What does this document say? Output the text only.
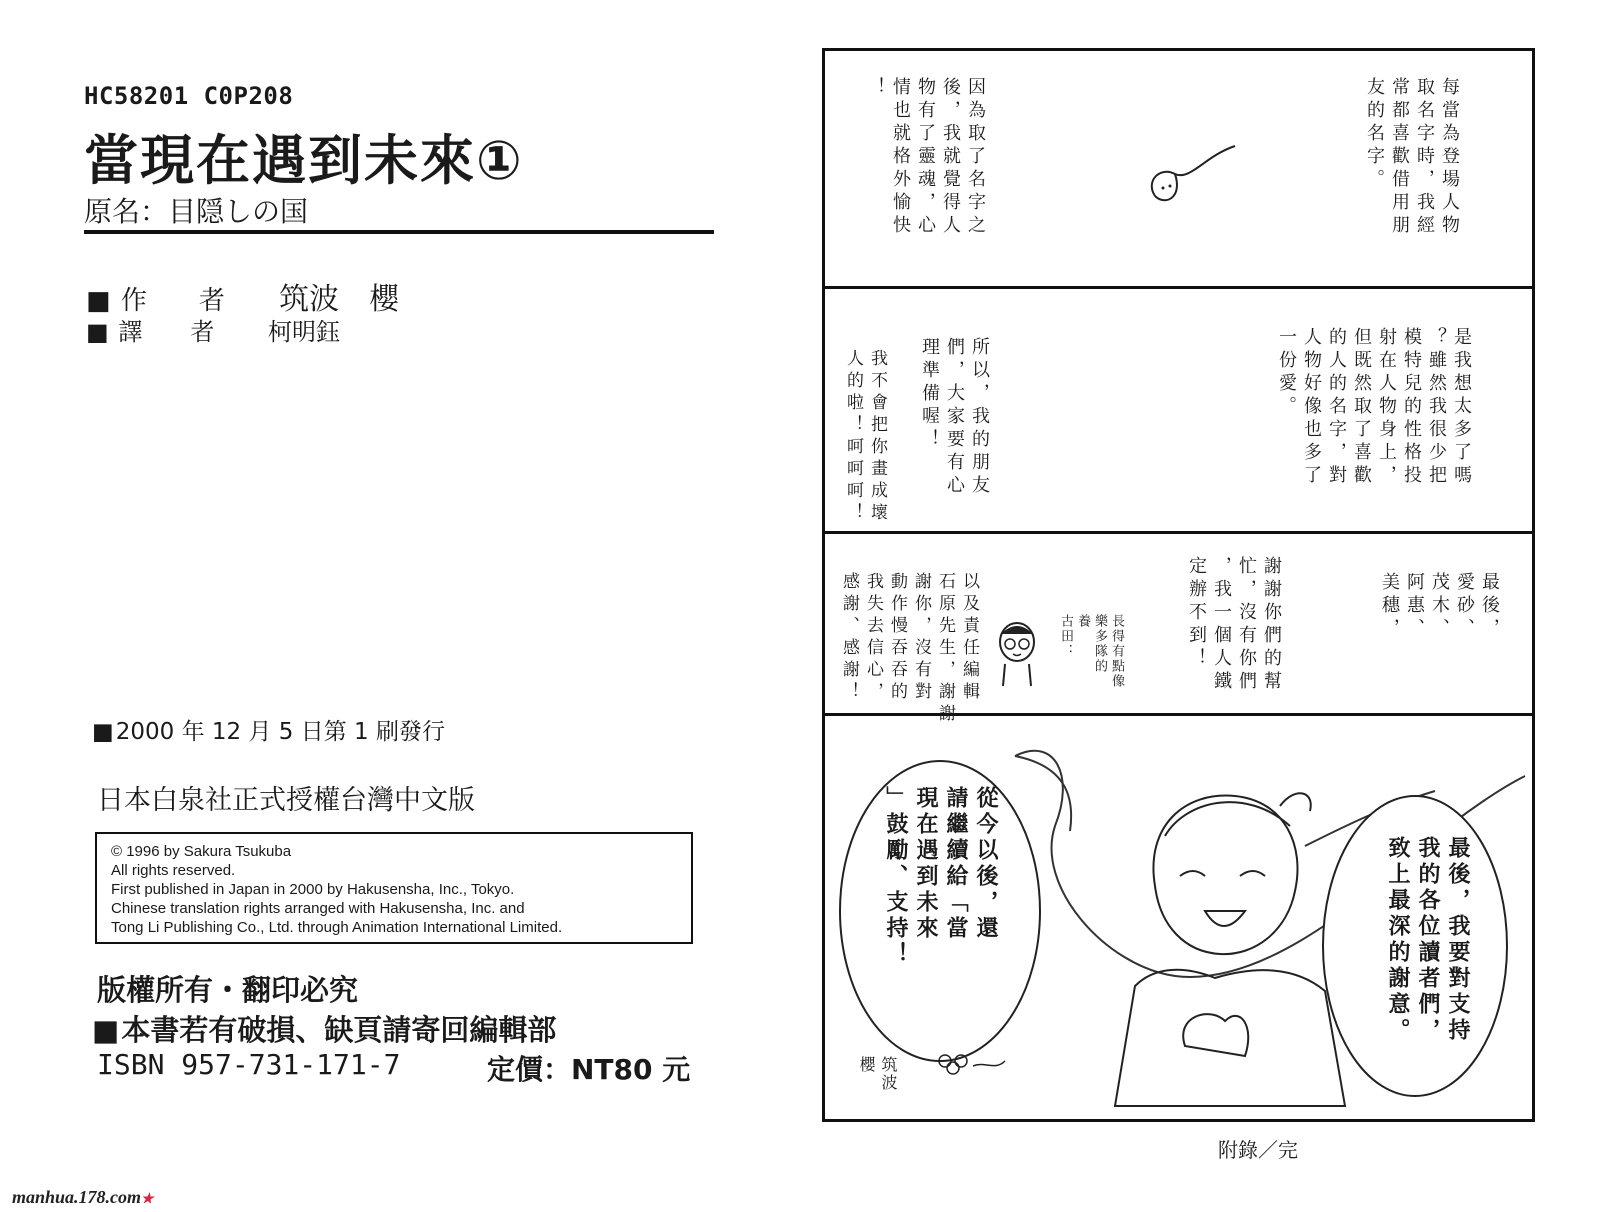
HC58201 C0P208
當現在遇到未來①
原名：目隠しの国
■ 作　　者 筑波　櫻
■ 譯　　者 柯明鈺
■ 2000 年 12 月 5 日第 1 刷發行
日本白泉社正式授權台灣中文版
© 1996 by Sakura Tsukuba
All rights reserved.
First published in Japan in 2000 by Hakusensha, Inc., Tokyo.
Chinese translation rights arranged with Hakusensha, Inc. and
Tong Li Publishing Co., Ltd. through Animation International Limited.
版權所有・翻印必究
■ 本書若有破損、缺頁請寄回編輯部
ISBN 957-731-171-7	定價：NT80 元
manhua.178.com★
每當為登場人物
取名字時，我經
常都喜歡借用朋
友的名字。
因為取了名字之
後，我就覺得人
物有了靈魂，心
情也就格外愉快
！
是我想太多了嗎
？雖然我很少把
模特兒的性格投
射在人物身上，
但既然取了喜歡
的人的名字，對
人物好像也多了
一份愛。
所以，我的朋友
們，大家要有心
理準備喔！
我不會把你畫成壞
人的啦！呵呵呵！
最後，
愛砂、
茂木、
阿惠、
美穗，
謝謝你們的幫
忙，沒有你們
，我一個人鐵
定辦不到！
長得有點像
樂多隊的
養
古田：
以及責任編輯
石原先生，謝謝
謝你，沒有對
動作慢吞吞的
我失去信心，
感謝、感謝！
從今以後，還
請繼續給「當
現在遇到未來
」鼓勵、支持！	最後，我要對支持
我的各位讀者們，
致上最深的謝意。
筑波
櫻
附錄／完
